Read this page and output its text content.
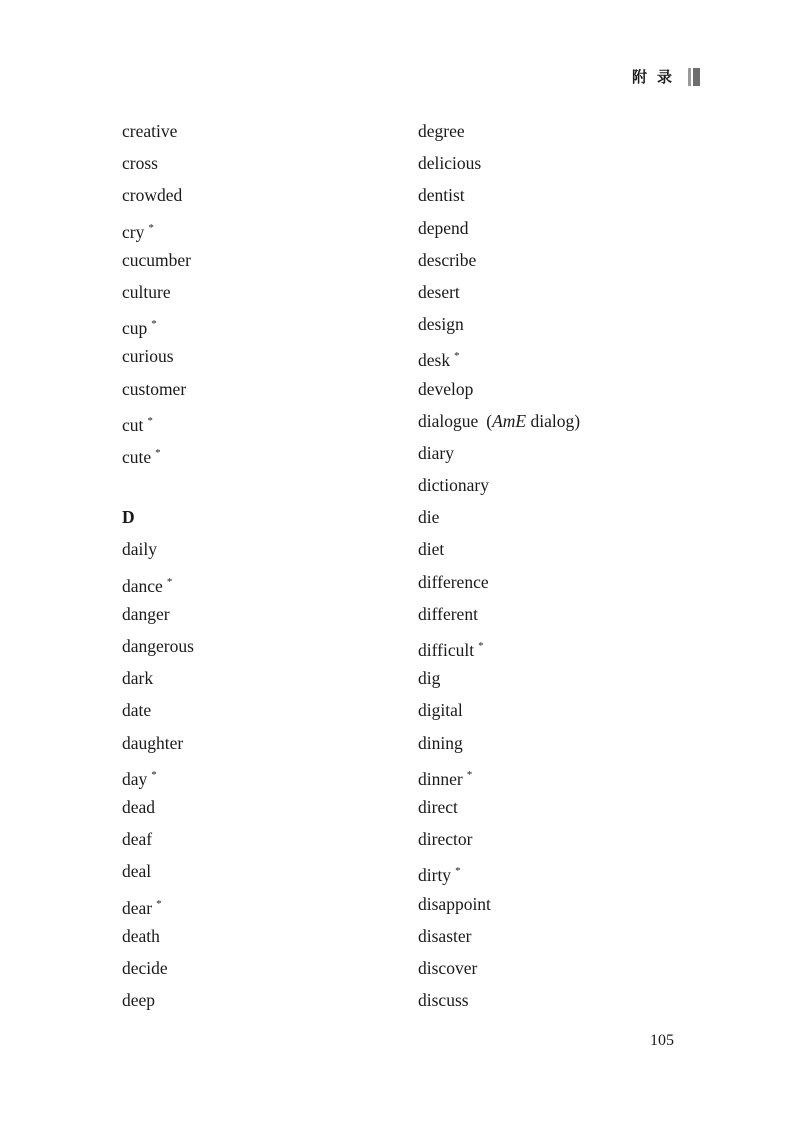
附录
creative
cross
crowded
cry *
cucumber
culture
cup *
curious
customer
cut *
cute *
D
daily
dance *
danger
dangerous
dark
date
daughter
day *
dead
deaf
deal
dear *
death
decide
deep
degree
delicious
dentist
depend
describe
desert
design
desk *
develop
dialogue (AmE dialog)
diary
dictionary
die
diet
difference
different
difficult *
dig
digital
dining
dinner *
direct
director
dirty *
disappoint
disaster
discover
discuss
105
